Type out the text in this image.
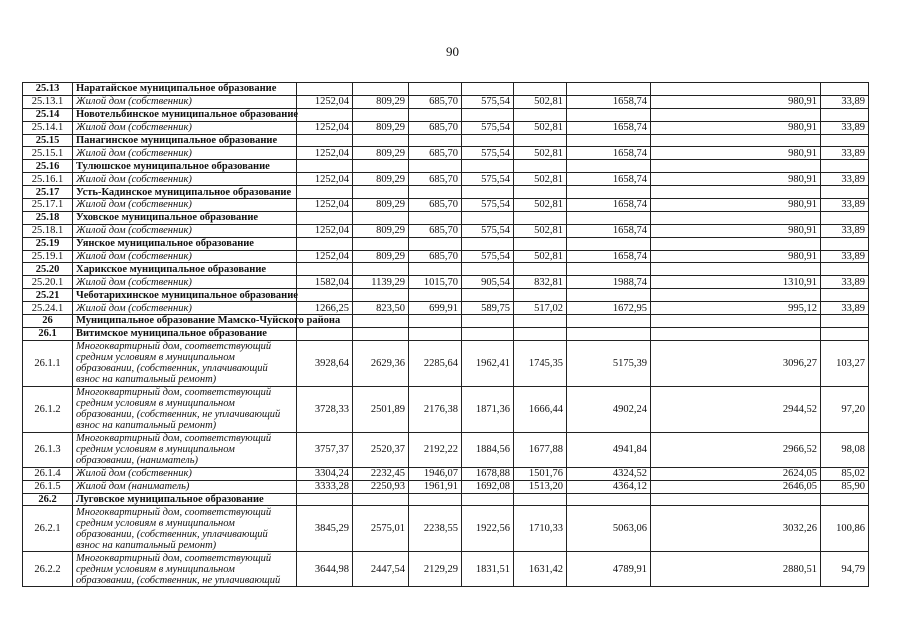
90
25.13	Наратайское муниципальное образование								
25.13.1	Жилой дом (собственник)	1252,04	809,29	685,70	575,54	502,81	1658,74	980,91	33,89
25.14	Новотельбинское муниципальное образование								
25.14.1	Жилой дом (собственник)	1252,04	809,29	685,70	575,54	502,81	1658,74	980,91	33,89
25.15	Панагинское муниципальное образование								
25.15.1	Жилой дом (собственник)	1252,04	809,29	685,70	575,54	502,81	1658,74	980,91	33,89
25.16	Тулюшское муниципальное образование								
25.16.1	Жилой дом (собственник)	1252,04	809,29	685,70	575,54	502,81	1658,74	980,91	33,89
25.17	Усть-Кадинское муниципальное образование								
25.17.1	Жилой дом (собственник)	1252,04	809,29	685,70	575,54	502,81	1658,74	980,91	33,89
25.18	Уховское муниципальное образование								
25.18.1	Жилой дом (собственник)	1252,04	809,29	685,70	575,54	502,81	1658,74	980,91	33,89
25.19	Уянское муниципальное образование								
25.19.1	Жилой дом (собственник)	1252,04	809,29	685,70	575,54	502,81	1658,74	980,91	33,89
25.20	Харикское муниципальное образование								
25.20.1	Жилой дом (собственник)	1582,04	1139,29	1015,70	905,54	832,81	1988,74	1310,91	33,89
25.21	Чеботарихинское муниципальное образование								
25.24.1	Жилой дом (собственник)	1266,25	823,50	699,91	589,75	517,02	1672,95	995,12	33,89
26	Муниципальное образование Мамско-Чуйского района								
26.1	Витимское муниципальное образование								
26.1.1	Многоквартирный дом, соответствующий
средним условиям в муниципальном
образовании, (собственник, уплачивающий
взнос на капитальный ремонт)	3928,64	2629,36	2285,64	1962,41	1745,35	5175,39	3096,27	103,27
26.1.2	Многоквартирный дом, соответствующий
средним условиям в муниципальном
образовании, (собственник, не уплачивающий
взнос на капитальный ремонт)	3728,33	2501,89	2176,38	1871,36	1666,44	4902,24	2944,52	97,20
26.1.3	Многоквартирный дом, соответствующий
средним условиям в муниципальном
образовании, (наниматель)	3757,37	2520,37	2192,22	1884,56	1677,88	4941,84	2966,52	98,08
26.1.4	Жилой дом (собственник)	3304,24	2232,45	1946,07	1678,88	1501,76	4324,52	2624,05	85,02
26.1.5	Жилой дом (наниматель)	3333,28	2250,93	1961,91	1692,08	1513,20	4364,12	2646,05	85,90
26.2	Луговское муниципальное образование								
26.2.1	Многоквартирный дом, соответствующий
средним условиям в муниципальном
образовании, (собственник, уплачивающий
взнос на капитальный ремонт)	3845,29	2575,01	2238,55	1922,56	1710,33	5063,06	3032,26	100,86
26.2.2	Многоквартирный дом, соответствующий
средним условиям в муниципальном
образовании, (собственник, не уплачивающий	3644,98	2447,54	2129,29	1831,51	1631,42	4789,91	2880,51	94,79
